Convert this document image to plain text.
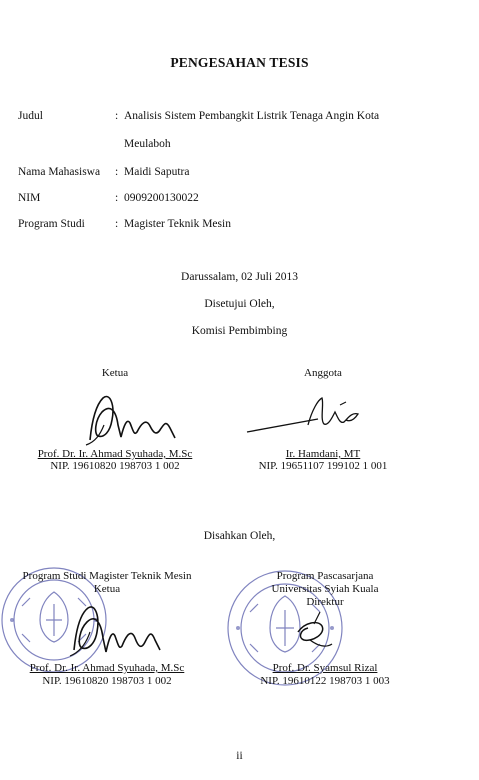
PENGESAHAN TESIS
Judul	: Analisis Sistem Pembangkit Listrik Tenaga Angin Kota
Meulaboh
Nama Mahasiswa : Maidi Saputra
NIM	: 0909200130022
Program Studi	: Magister Teknik Mesin
Darussalam, 02 Juli 2013
Disetujui Oleh,
Komisi Pembimbing
Ketua	Anggota
Prof. Dr. Ir. Ahmad Syuhada, M.Sc
NIP. 19610820 198703 1 002
Ir. Hamdani, MT
NIP. 19651107 199102 1 001
Disahkan Oleh,
Program Studi Magister Teknik Mesin
Ketua
Program Pascasarjana
Universitas Syiah Kuala
Direktur
Prof. Dr. Ir. Ahmad Syuhada, M.Sc
NIP. 19610820 198703 1 002
Prof. Dr. Syamsul Rizal
NIP. 19610122 198703 1 003
ii
